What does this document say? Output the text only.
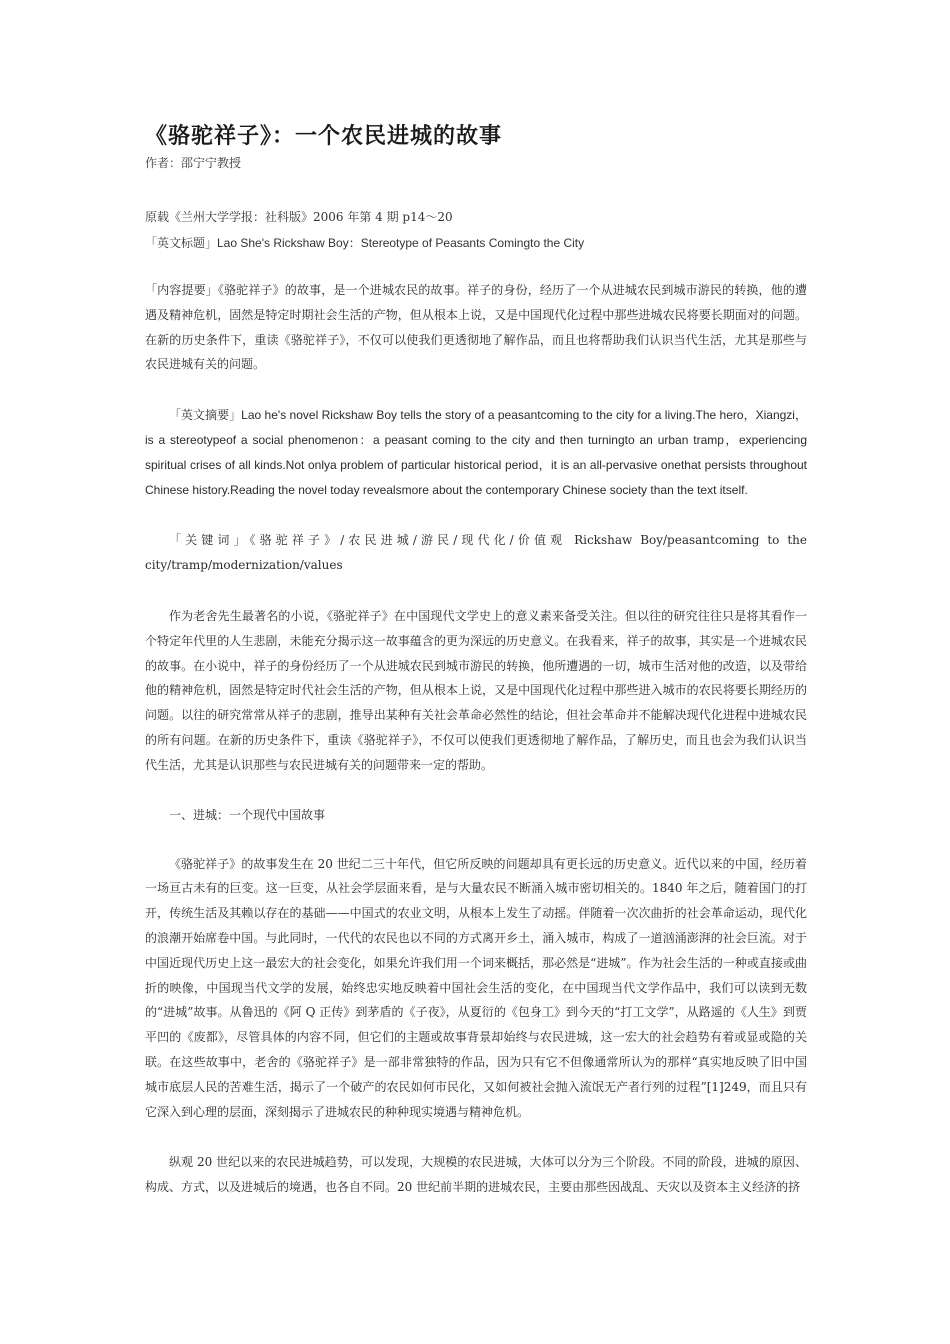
《骆驼祥子》：一个农民进城的故事

作者：邵宁宁教授

原载《兰州大学学报：社科版》2006 年第 4 期 p14～20

「英文标题」Lao She's Rickshaw Boy：Stereotype of Peasants Comingto the City

「内容提要」《骆驼祥子》的故事，是一个进城农民的故事。祥子的身份，经历了一个从进城农民到城市游民的转换，他的遭遇及精神危机，固然是特定时期社会生活的产物，但从根本上说，又是中国现代化过程中那些进城农民将要长期面对的问题。在新的历史条件下，重读《骆驼祥子》，不仅可以使我们更透彻地了解作品，而且也将帮助我们认识当代生活，尤其是那些与农民进城有关的问题。

「英文摘要」Lao he's novel Rickshaw Boy tells the story of a peasantcoming to the city for a living.The hero，Xiangzi，is a stereotypeof a social phenomenon：a peasant coming to the city and then turningto an urban tramp，experiencing spiritual crises of all kinds.Not onlya problem of particular historical period，it is an all-pervasive onethat persists throughout Chinese history.Reading the novel today revealsmore about the contemporary Chinese society than the text itself.

「关键词」《骆驼祥子》/农民进城/游民/现代化/价值观 Rickshaw Boy/peasantcoming to the city/tramp/modernization/values

作为老舍先生最著名的小说，《骆驼祥子》在中国现代文学史上的意义素来备受关注。但以往的研究往往只是将其看作一个特定年代里的人生悲剧，未能充分揭示这一故事蕴含的更为深远的历史意义。在我看来，祥子的故事，其实是一个进城农民的故事。在小说中，祥子的身份经历了一个从进城农民到城市游民的转换，他所遭遇的一切，城市生活对他的改造，以及带给他的精神危机，固然是特定时代社会生活的产物，但从根本上说，又是中国现代化过程中那些进入城市的农民将要长期经历的问题。以往的研究常常从祥子的悲剧，推导出某种有关社会革命必然性的结论，但社会革命并不能解决现代化进程中进城农民的所有问题。在新的历史条件下，重读《骆驼祥子》，不仅可以使我们更透彻地了解作品，了解历史，而且也会为我们认识当代生活，尤其是认识那些与农民进城有关的问题带来一定的帮助。

一、进城：一个现代中国故事

《骆驼祥子》的故事发生在 20 世纪二三十年代，但它所反映的问题却具有更长远的历史意义。近代以来的中国，经历着一场亘古未有的巨变。这一巨变，从社会学层面来看，是与大量农民不断涌入城市密切相关的。1840 年之后，随着国门的打开，传统生活及其赖以存在的基础——中国式的农业文明，从根本上发生了动摇。伴随着一次次曲折的社会革命运动，现代化的浪潮开始席卷中国。与此同时，一代代的农民也以不同的方式离开乡土，涌入城市，构成了一道汹涌澎湃的社会巨流。对于中国近现代历史上这一最宏大的社会变化，如果允许我们用一个词来概括，那必然是“进城”。作为社会生活的一种或直接或曲折的映像，中国现当代文学的发展，始终忠实地反映着中国社会生活的变化，在中国现当代文学作品中，我们可以读到无数的“进城”故事。从鲁迅的《阿 Q 正传》到茅盾的《子夜》，从夏衍的《包身工》到今天的“打工文学”，从路遥的《人生》到贾平凹的《废都》，尽管具体的内容不同，但它们的主题或故事背景却始终与农民进城，这一宏大的社会趋势有着或显或隐的关联。在这些故事中，老舍的《骆驼祥子》是一部非常独特的作品，因为只有它不但像通常所认为的那样“真实地反映了旧中国城市底层人民的苦难生活，揭示了一个破产的农民如何市民化，又如何被社会抛入流氓无产者行列的过程”[1]249，而且只有它深入到心理的层面，深刻揭示了进城农民的种种现实境遇与精神危机。

纵观 20 世纪以来的农民进城趋势，可以发现，大规模的农民进城，大体可以分为三个阶段。不同的阶段，进城的原因、构成、方式，以及进城后的境遇，也各自不同。20 世纪前半期的进城农民，主要由那些因战乱、天灾以及资本主义经济的挤
